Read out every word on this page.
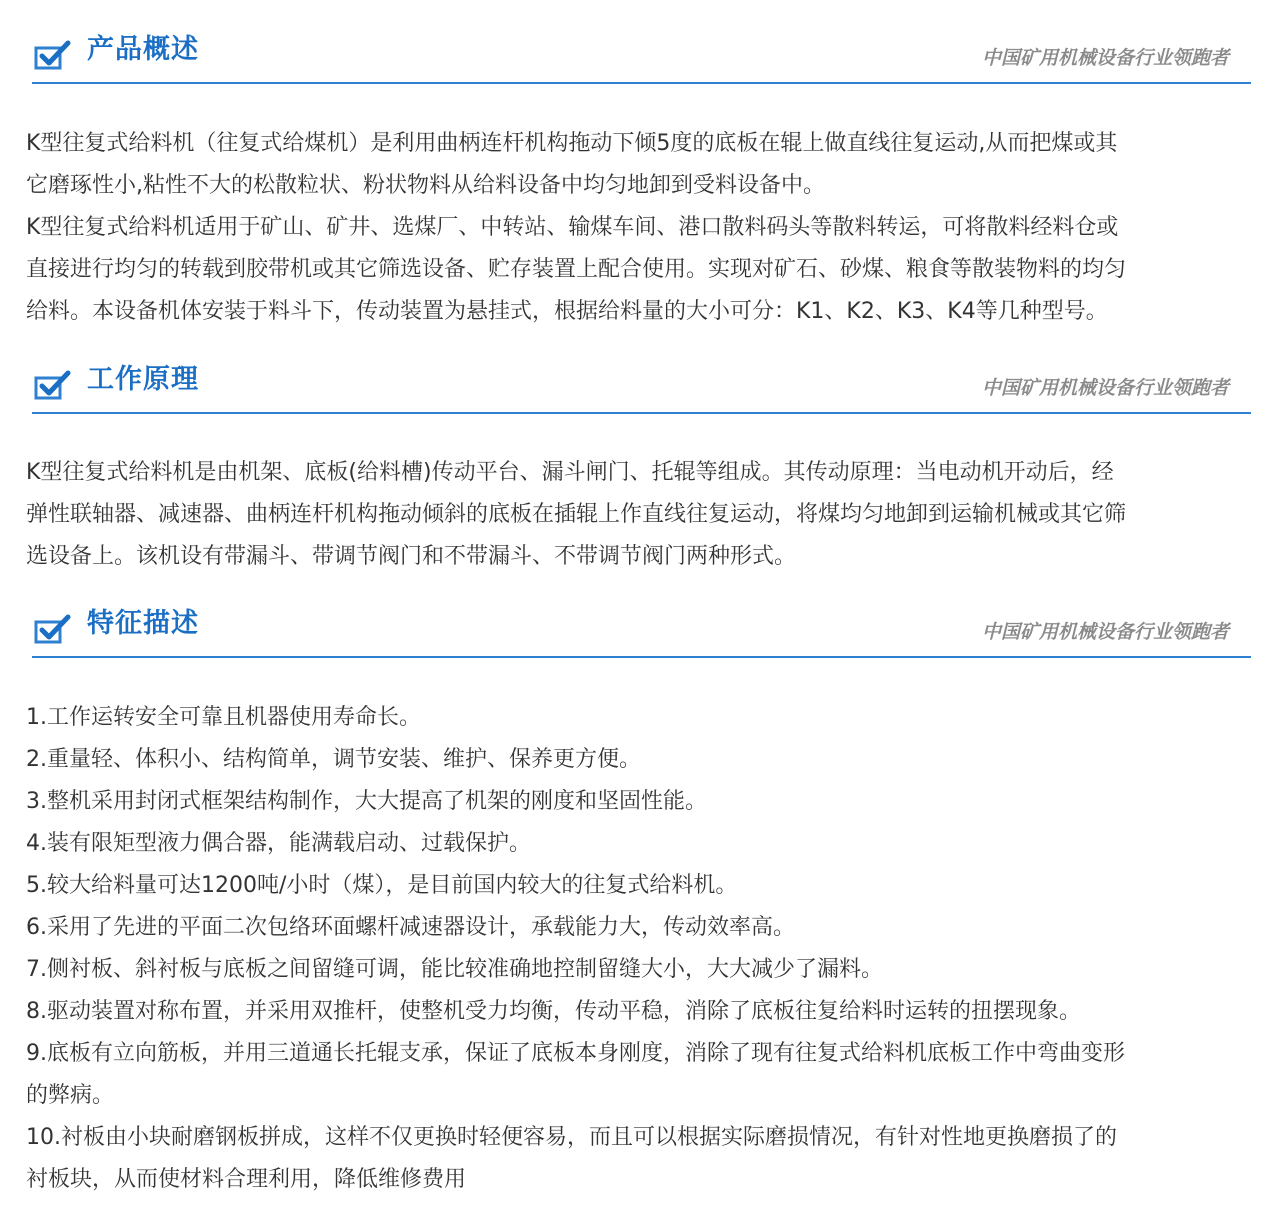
产品概述	中国矿用机械设备行业领跑者
K型往复式给料机（往复式给煤机）是利用曲柄连杆机构拖动下倾5度的底板在辊上做直线往复运动,从而把煤或其
它磨琢性小,粘性不大的松散粒状、粉状物料从给料设备中均匀地卸到受料设备中。
K型往复式给料机适用于矿山、矿井、选煤厂、中转站、输煤车间、港口散料码头等散料转运，可将散料经料仓或
直接进行均匀的转载到胶带机或其它筛选设备、贮存装置上配合使用。实现对矿石、砂煤、粮食等散装物料的均匀
给料。本设备机体安装于料斗下，传动装置为悬挂式，根据给料量的大小可分：K1、K2、K3、K4等几种型号。
工作原理	中国矿用机械设备行业领跑者
K型往复式给料机是由机架、底板(给料槽)传动平台、漏斗闸门、托辊等组成。其传动原理：当电动机开动后，经
弹性联轴器、减速器、曲柄连杆机构拖动倾斜的底板在插辊上作直线往复运动，将煤均匀地卸到运输机械或其它筛
选设备上。该机设有带漏斗、带调节阀门和不带漏斗、不带调节阀门两种形式。
特征描述	中国矿用机械设备行业领跑者
1.工作运转安全可靠且机器使用寿命长。
2.重量轻、体积小、结构简单，调节安装、维护、保养更方便。
3.整机采用封闭式框架结构制作，大大提高了机架的刚度和坚固性能。
4.装有限矩型液力偶合器，能满载启动、过载保护。
5.较大给料量可达1200吨/小时（煤），是目前国内较大的往复式给料机。
6.采用了先进的平面二次包络环面螺杆减速器设计，承载能力大，传动效率高。
7.侧衬板、斜衬板与底板之间留缝可调，能比较准确地控制留缝大小，大大减少了漏料。
8.驱动装置对称布置，并采用双推杆，使整机受力均衡，传动平稳，消除了底板往复给料时运转的扭摆现象。
9.底板有立向筋板，并用三道通长托辊支承，保证了底板本身刚度，消除了现有往复式给料机底板工作中弯曲变形
的弊病。
10.衬板由小块耐磨钢板拼成，这样不仅更换时轻便容易，而且可以根据实际磨损情况，有针对性地更换磨损了的
衬板块，从而使材料合理利用，降低维修费用
